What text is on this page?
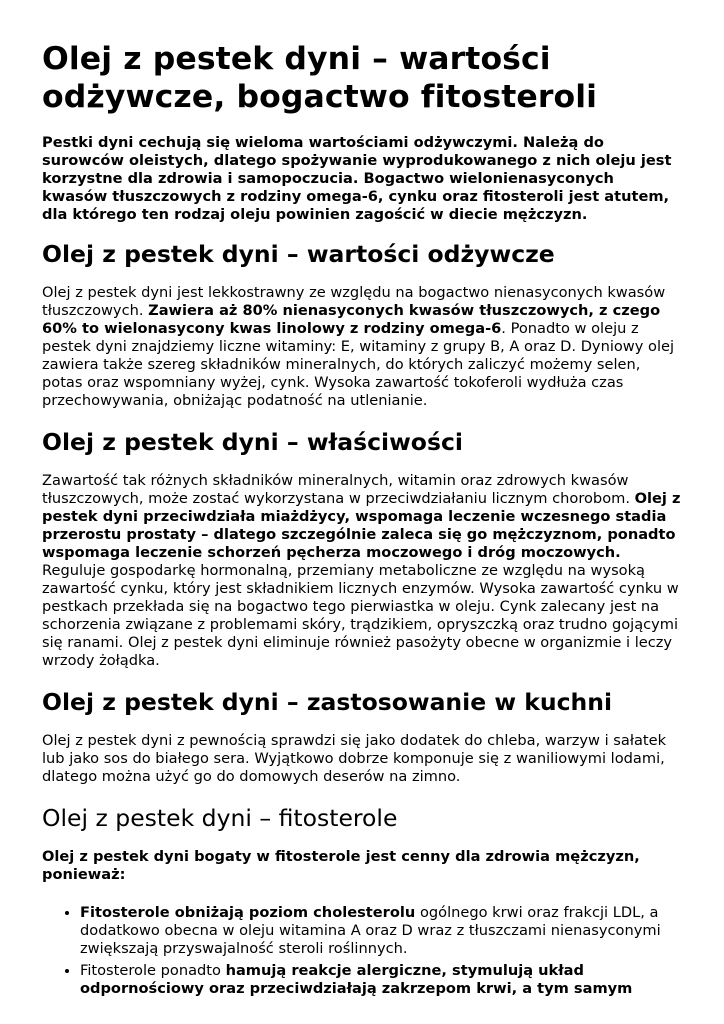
Olej z pestek dyni – wartości odżywcze, bogactwo fitosteroli

Pestki dyni cechują się wieloma wartościami odżywczymi. Należą do surowców oleistych, dlatego spożywanie wyprodukowanego z nich oleju jest korzystne dla zdrowia i samopoczucia. Bogactwo wielonienasyconych kwasów tłuszczowych z rodziny omega-6, cynku oraz fitosteroli jest atutem, dla którego ten rodzaj oleju powinien zagościć w diecie mężczyzn.

Olej z pestek dyni – wartości odżywcze

Olej z pestek dyni jest lekkostrawny ze względu na bogactwo nienasyconych kwasów tłuszczowych. Zawiera aż 80% nienasyconych kwasów tłuszczowych, z czego 60% to wielonasycony kwas linolowy z rodziny omega-6. Ponadto w oleju z pestek dyni znajdziemy liczne witaminy: E, witaminy z grupy B, A oraz D. Dyniowy olej zawiera także szereg składników mineralnych, do których zaliczyć możemy selen, potas oraz wspomniany wyżej, cynk. Wysoka zawartość tokoferoli wydłuża czas przechowywania, obniżając podatność na utlenianie.

Olej z pestek dyni – właściwości

Zawartość tak różnych składników mineralnych, witamin oraz zdrowych kwasów tłuszczowych, może zostać wykorzystana w przeciwdziałaniu licznym chorobom. Olej z pestek dyni przeciwdziała miażdżycy, wspomaga leczenie wczesnego stadia przerostu prostaty – dlatego szczególnie zaleca się go mężczyznom, ponadto wspomaga leczenie schorzeń pęcherza moczowego i dróg moczowych. Reguluje gospodarkę hormonalną, przemiany metaboliczne ze względu na wysoką zawartość cynku, który jest składnikiem licznych enzymów. Wysoka zawartość cynku w pestkach przekłada się na bogactwo tego pierwiastka w oleju. Cynk zalecany jest na schorzenia związane z problemami skóry, trądzikiem, opryszczką oraz trudno gojącymi się ranami. Olej z pestek dyni eliminuje również pasożyty obecne w organizmie i leczy wrzody żołądka.

Olej z pestek dyni – zastosowanie w kuchni

Olej z pestek dyni z pewnością sprawdzi się jako dodatek do chleba, warzyw i sałatek lub jako sos do białego sera. Wyjątkowo dobrze komponuje się z waniliowymi lodami, dlatego można użyć go do domowych deserów na zimno.

Olej z pestek dyni – fitosterole

Olej z pestek dyni bogaty w fitosterole jest cenny dla zdrowia mężczyzn, ponieważ:

• Fitosterole obniżają poziom cholesterolu ogólnego krwi oraz frakcji LDL, a dodatkowo obecna w oleju witamina A oraz D wraz z tłuszczami nienasyconymi zwiększają przyswajalność steroli roślinnych.
• Fitosterole ponadto hamują reakcje alergiczne, stymulują układ odpornościowy oraz przeciwdziałają zakrzepom krwi, a tym samym
